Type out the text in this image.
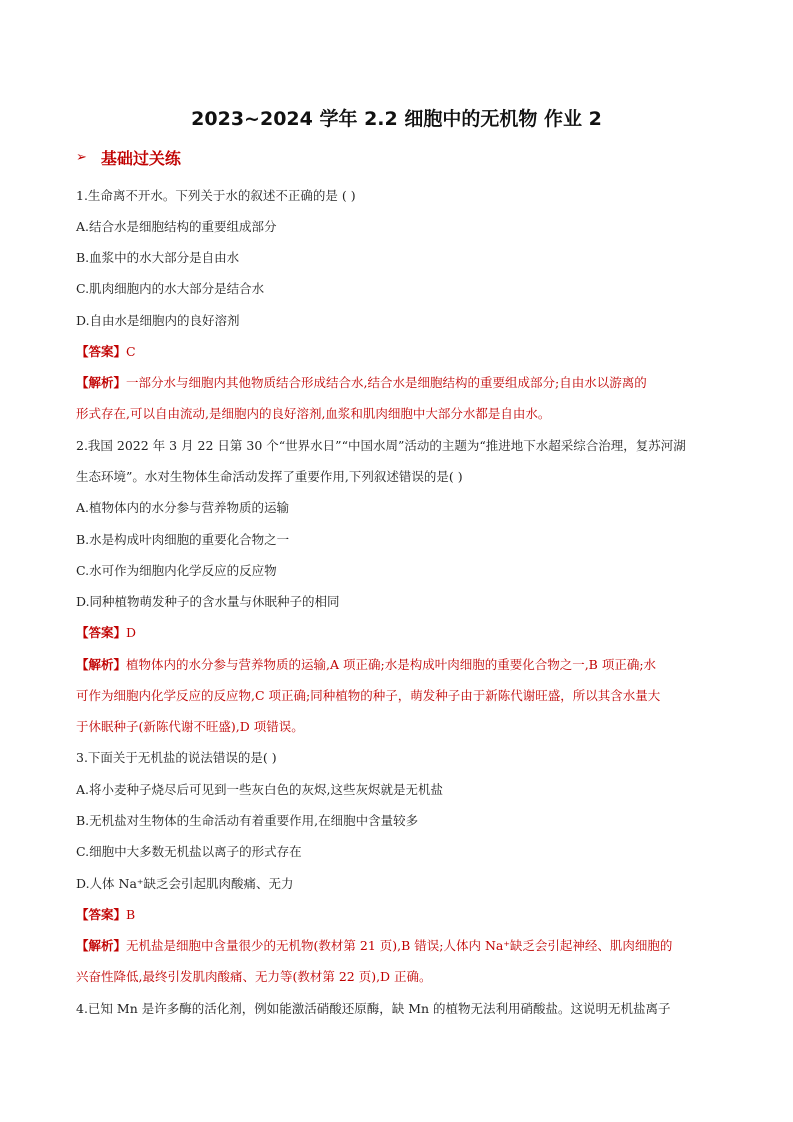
2023~2024 学年 2.2 细胞中的无机物 作业 2
➢ 基础过关练
1.生命离不开水。下列关于水的叙述不正确的是 ( )
A.结合水是细胞结构的重要组成部分
B.血浆中的水大部分是自由水
C.肌肉细胞内的水大部分是结合水
D.自由水是细胞内的良好溶剂
【答案】C
【解析】一部分水与细胞内其他物质结合形成结合水,结合水是细胞结构的重要组成部分;自由水以游离的
形式存在,可以自由流动,是细胞内的良好溶剂,血浆和肌肉细胞中大部分水都是自由水。
2.我国 2022 年 3 月 22 日第 30 个“世界水日”“中国水周”活动的主题为“推进地下水超采综合治理，复苏河湖
生态环境”。水对生物体生命活动发挥了重要作用,下列叙述错误的是( )
A.植物体内的水分参与营养物质的运输
B.水是构成叶肉细胞的重要化合物之一
C.水可作为细胞内化学反应的反应物
D.同种植物萌发种子的含水量与休眠种子的相同
【答案】D
【解析】植物体内的水分参与营养物质的运输,A 项正确;水是构成叶肉细胞的重要化合物之一,B 项正确;水
可作为细胞内化学反应的反应物,C 项正确;同种植物的种子，萌发种子由于新陈代谢旺盛，所以其含水量大
于休眠种子(新陈代谢不旺盛),D 项错误。
3.下面关于无机盐的说法错误的是( )
A.将小麦种子烧尽后可见到一些灰白色的灰烬,这些灰烬就是无机盐
B.无机盐对生物体的生命活动有着重要作用,在细胞中含量较多
C.细胞中大多数无机盐以离子的形式存在
D.人体 Na⁺缺乏会引起肌肉酸痛、无力
【答案】B
【解析】无机盐是细胞中含量很少的无机物(教材第 21 页),B 错误;人体内 Na⁺缺乏会引起神经、肌肉细胞的
兴奋性降低,最终引发肌肉酸痛、无力等(教材第 22 页),D 正确。
4.已知 Mn 是许多酶的活化剂，例如能激活硝酸还原酶，缺 Mn 的植物无法利用硝酸盐。这说明无机盐离子
